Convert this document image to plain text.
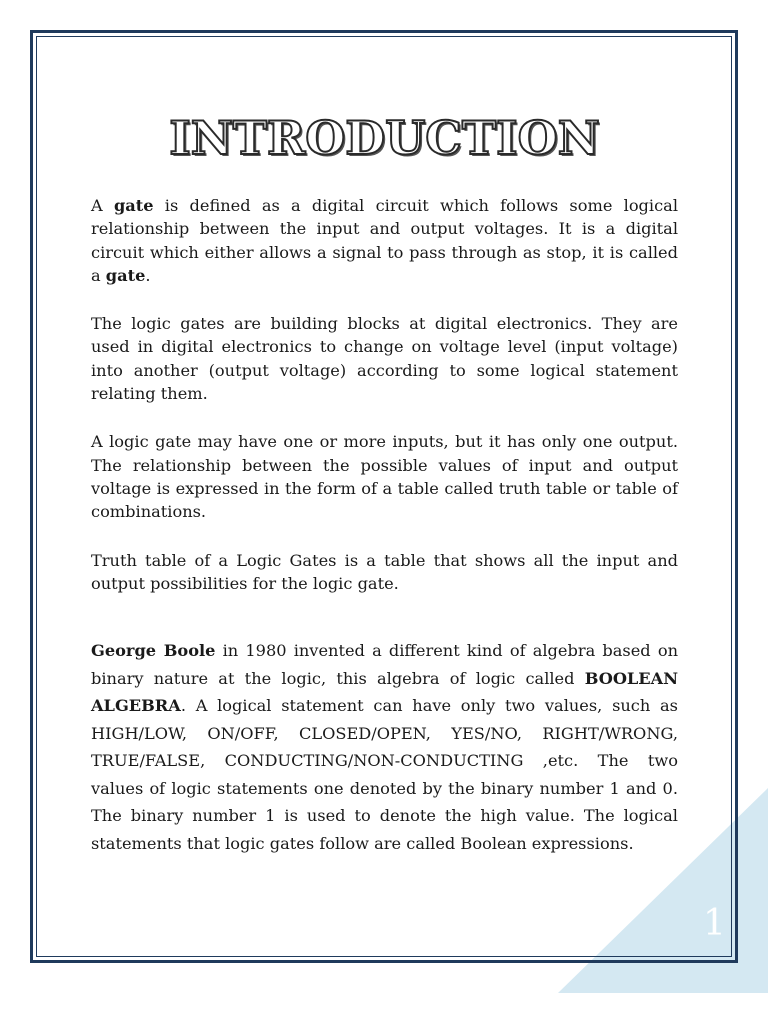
INTRODUCTION

A gate is defined as a digital circuit which follows some logical relationship between the input and output voltages. It is a digital circuit which either allows a signal to pass through as stop, it is called a gate.

The logic gates are building blocks at digital electronics. They are used in digital electronics to change on voltage level (input voltage) into another (output voltage) according to some logical statement relating them.

A logic gate may have one or more inputs, but it has only one output. The relationship between the possible values of input and output voltage is expressed in the form of a table called truth table or table of combinations.

Truth table of a Logic Gates is a table that shows all the input and output possibilities for the logic gate.

George Boole in 1980 invented a different kind of algebra based on binary nature at the logic, this algebra of logic called BOOLEAN ALGEBRA. A logical statement can have only two values, such as HIGH/LOW, ON/OFF, CLOSED/OPEN, YES/NO, RIGHT/WRONG, TRUE/FALSE, CONDUCTING/NON-CONDUCTING ,etc. The two values of logic statements one denoted by the binary number 1 and 0. The binary number 1 is used to denote the high value. The logical statements that logic gates follow are called Boolean expressions.

1
